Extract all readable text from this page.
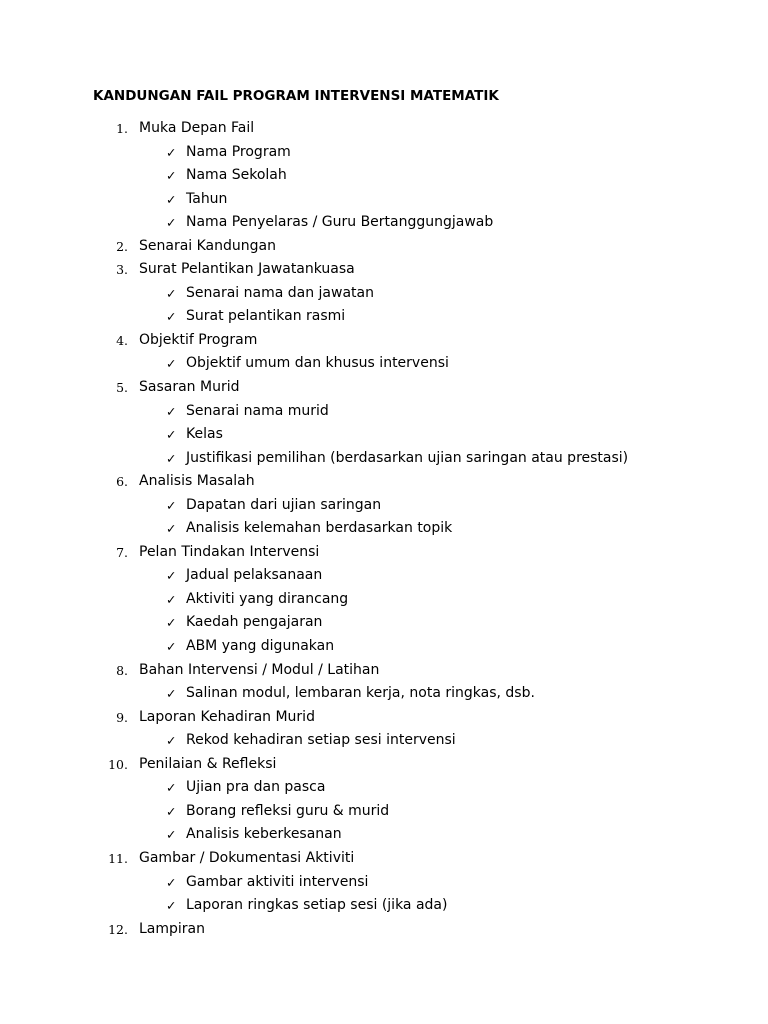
KANDUNGAN FAIL PROGRAM INTERVENSI MATEMATIK
1. Muka Depan Fail
✓ Nama Program
✓ Nama Sekolah
✓ Tahun
✓ Nama Penyelaras / Guru Bertanggungjawab
2. Senarai Kandungan
3. Surat Pelantikan Jawatankuasa
✓ Senarai nama dan jawatan
✓ Surat pelantikan rasmi
4. Objektif Program
✓ Objektif umum dan khusus intervensi
5. Sasaran Murid
✓ Senarai nama murid
✓ Kelas
✓ Justifikasi pemilihan (berdasarkan ujian saringan atau prestasi)
6. Analisis Masalah
✓ Dapatan dari ujian saringan
✓ Analisis kelemahan berdasarkan topik
7. Pelan Tindakan Intervensi
✓ Jadual pelaksanaan
✓ Aktiviti yang dirancang
✓ Kaedah pengajaran
✓ ABM yang digunakan
8. Bahan Intervensi / Modul / Latihan
✓ Salinan modul, lembaran kerja, nota ringkas, dsb.
9. Laporan Kehadiran Murid
✓ Rekod kehadiran setiap sesi intervensi
10. Penilaian & Refleksi
✓ Ujian pra dan pasca
✓ Borang refleksi guru & murid
✓ Analisis keberkesanan
11. Gambar / Dokumentasi Aktiviti
✓ Gambar aktiviti intervensi
✓ Laporan ringkas setiap sesi (jika ada)
12. Lampiran
